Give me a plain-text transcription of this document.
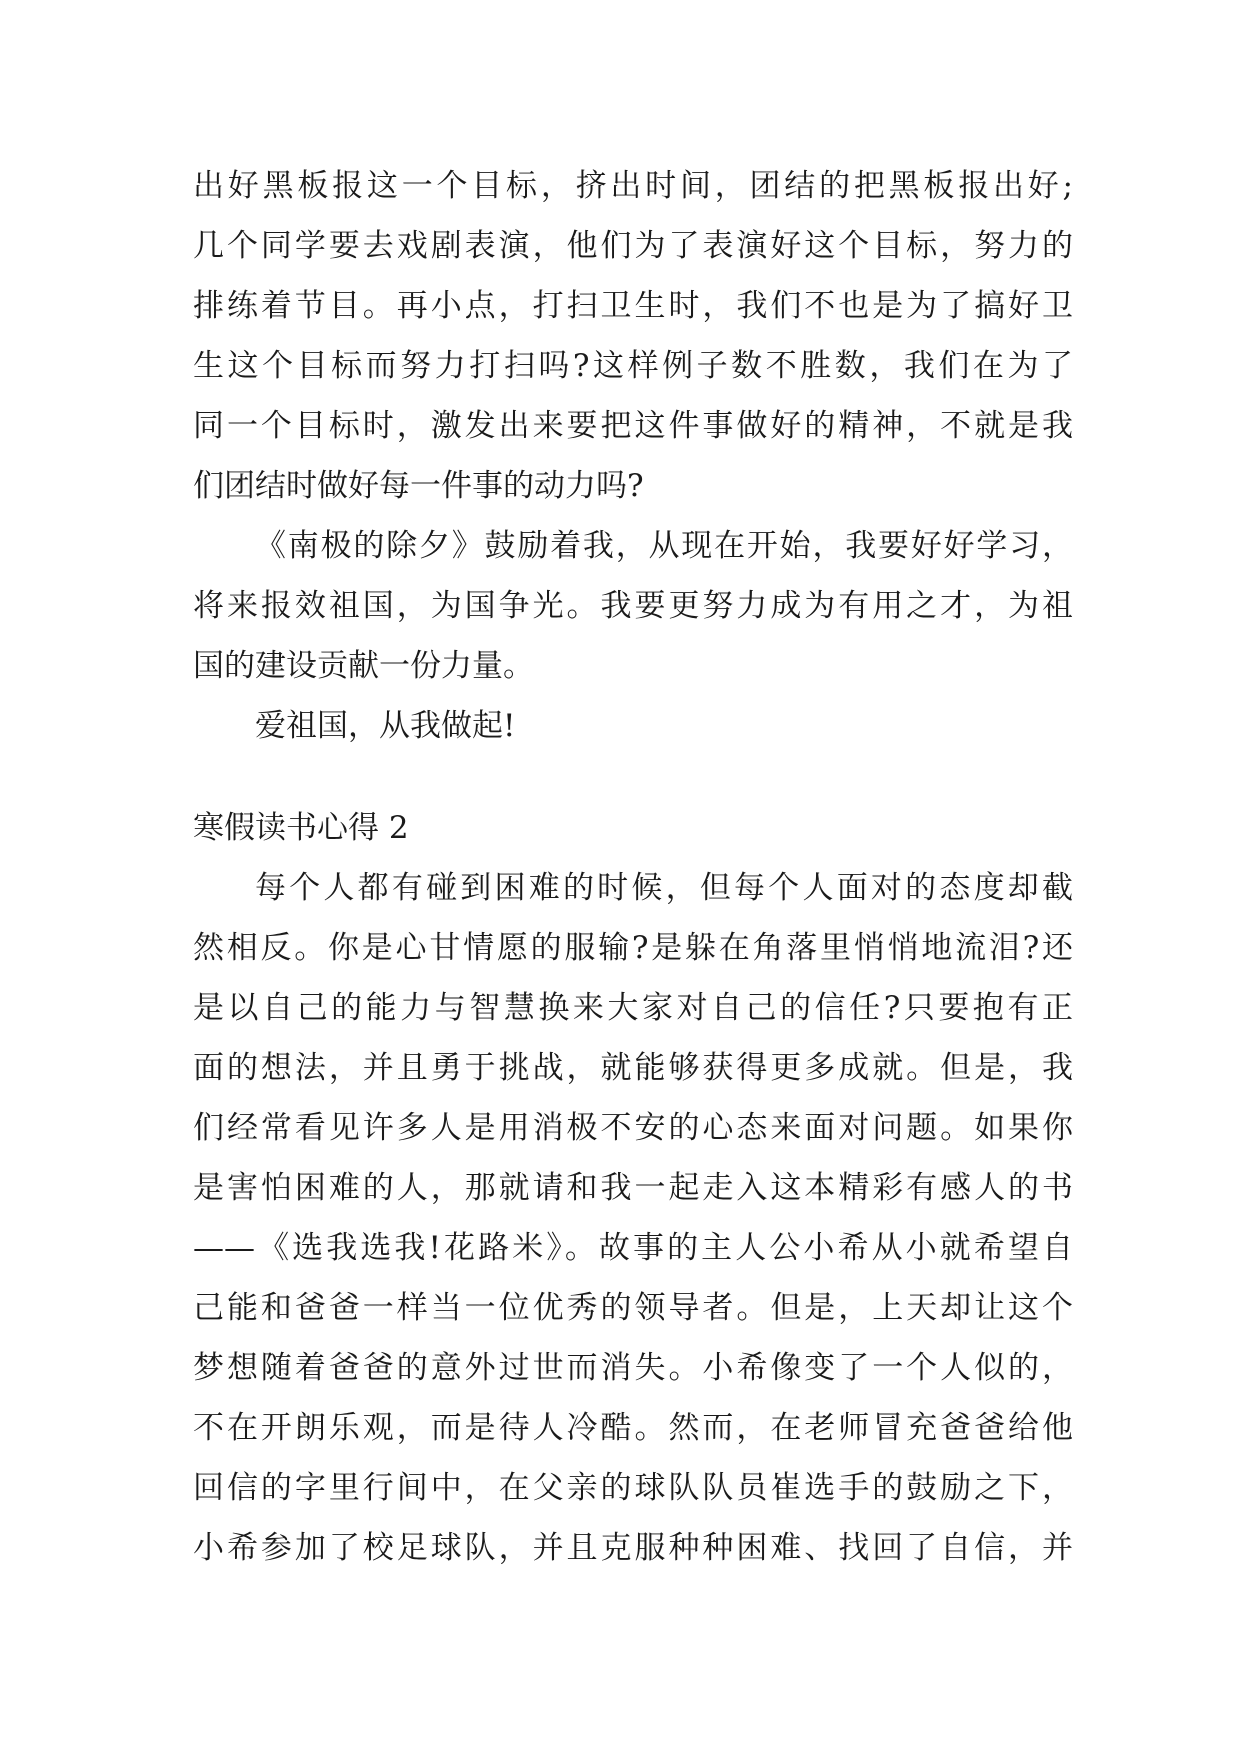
出好黑板报这一个目标，挤出时间，团结的把黑板报出好;
几个同学要去戏剧表演，他们为了表演好这个目标，努力的
排练着节目。再小点，打扫卫生时，我们不也是为了搞好卫
生这个目标而努力打扫吗?这样例子数不胜数，我们在为了
同一个目标时，激发出来要把这件事做好的精神，不就是我
们团结时做好每一件事的动力吗?
《南极的除夕》鼓励着我，从现在开始，我要好好学习，
将来报效祖国，为国争光。我要更努力成为有用之才，为祖
国的建设贡献一份力量。
爱祖国，从我做起!
寒假读书心得 2
每个人都有碰到困难的时候，但每个人面对的态度却截
然相反。你是心甘情愿的服输?是躲在角落里悄悄地流泪?还
是以自己的能力与智慧换来大家对自己的信任?只要抱有正
面的想法，并且勇于挑战，就能够获得更多成就。但是，我
们经常看见许多人是用消极不安的心态来面对问题。如果你
是害怕困难的人，那就请和我一起走入这本精彩有感人的书
——《选我选我!花路米》。故事的主人公小希从小就希望自
己能和爸爸一样当一位优秀的领导者。但是，上天却让这个
梦想随着爸爸的意外过世而消失。小希像变了一个人似的，
不在开朗乐观，而是待人冷酷。然而，在老师冒充爸爸给他
回信的字里行间中，在父亲的球队队员崔选手的鼓励之下，
小希参加了校足球队，并且克服种种困难、找回了自信，并
